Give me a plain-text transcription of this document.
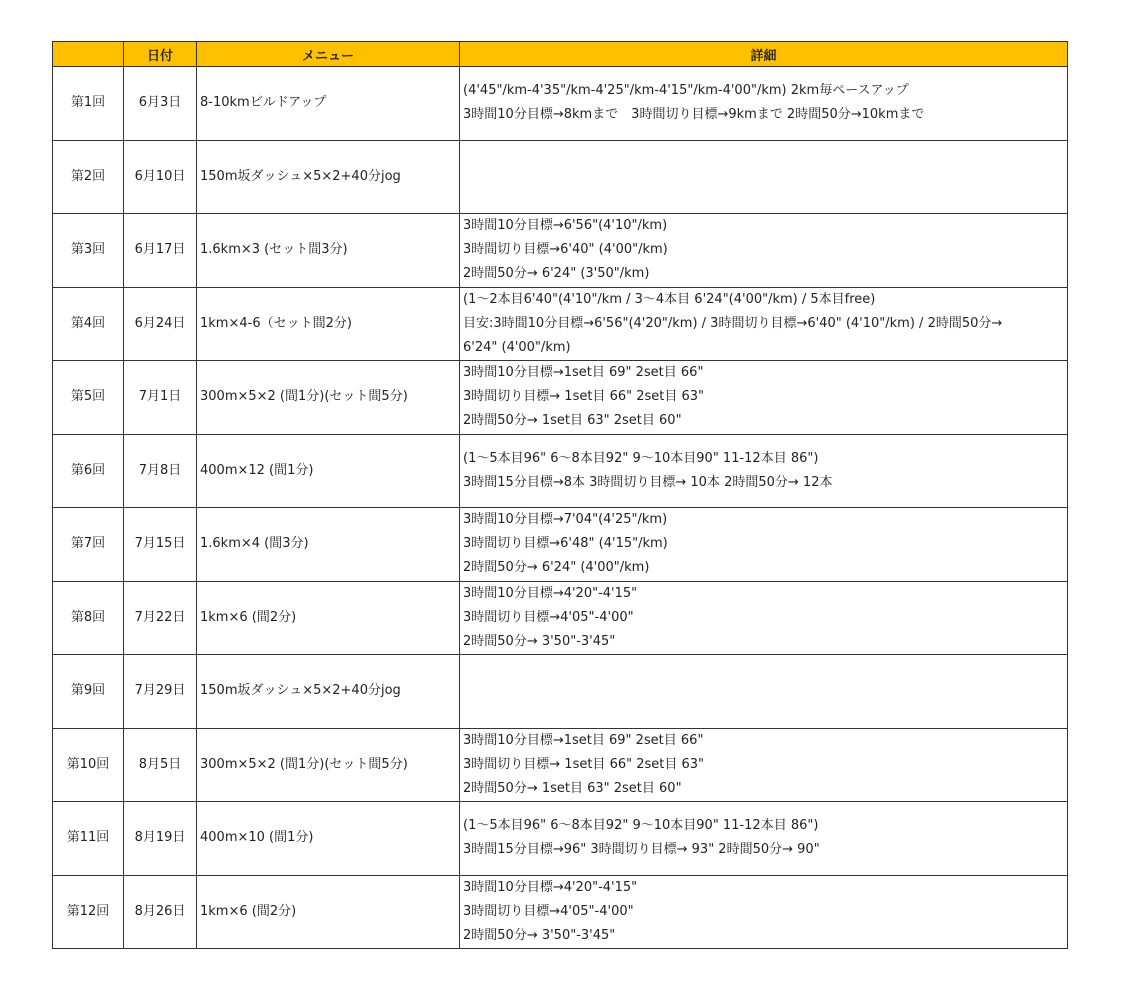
	日付	メニュー	詳細
第1回	6月3日	8-10kmビルドアップ	(4'45"/km-4'35"/km-4'25"/km-4'15"/km-4'00"/km) 2km毎ペースアップ
3時間10分目標→8kmまで　3時間切り目標→9kmまで 2時間50分→10kmまで

第2回	6月10日	150m坂ダッシュ×5×2+40分jog	
第3回	6月17日	1.6km×3 (セット間3分)	3時間10分目標→6'56"(4'10"/km)
3時間切り目標→6'40" (4'00"/km)
2時間50分→ 6'24" (3'50"/km)

第4回	6月24日	1km×4-6（セット間2分)	(1～2本目6'40"(4'10"/km / 3～4本目 6'24"(4'00"/km) / 5本目free)
目安:3時間10分目標→6'56"(4'20"/km) / 3時間切り目標→6'40" (4'10"/km) / 2時間50分→
6'24" (4'00"/km)

第5回	7月1日	300m×5×2 (間1分)(セット間5分)	3時間10分目標→1set目 69" 2set目 66"
3時間切り目標→ 1set目 66" 2set目 63"
2時間50分→ 1set目 63" 2set目 60"

第6回	7月8日	400m×12 (間1分)	(1～5本目96" 6～8本目92" 9～10本目90" 11-12本目 86")
3時間15分目標→8本 3時間切り目標→ 10本 2時間50分→ 12本

第7回	7月15日	1.6km×4 (間3分)	3時間10分目標→7'04"(4'25"/km)
3時間切り目標→6'48" (4'15"/km)
2時間50分→ 6'24" (4'00"/km)

第8回	7月22日	1km×6 (間2分)	3時間10分目標→4'20"-4'15"
3時間切り目標→4'05"-4'00"
2時間50分→ 3'50"-3'45"

第9回	7月29日	150m坂ダッシュ×5×2+40分jog	
第10回	8月5日	300m×5×2 (間1分)(セット間5分)	3時間10分目標→1set目 69" 2set目 66"
3時間切り目標→ 1set目 66" 2set目 63"
2時間50分→ 1set目 63" 2set目 60"

第11回	8月19日	400m×10 (間1分)	(1～5本目96" 6～8本目92" 9～10本目90" 11-12本目 86")
3時間15分目標→96" 3時間切り目標→ 93" 2時間50分→ 90"

第12回	8月26日	1km×6 (間2分)	3時間10分目標→4'20"-4'15"
3時間切り目標→4'05"-4'00"
2時間50分→ 3'50"-3'45"
